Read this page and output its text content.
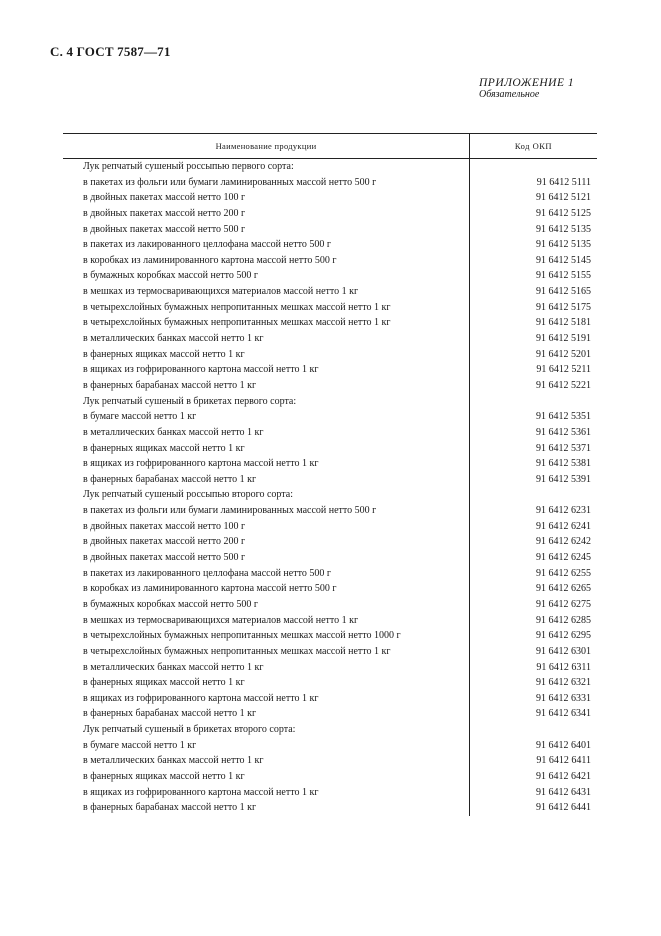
С. 4 ГОСТ 7587—71
ПРИЛОЖЕНИЕ 1
Обязательное
Наименование продукции	Код ОКП
Лук репчатый сушеный россыпью первого сорта:
в пакетах из фольги или бумаги ламинированных массой нетто 500 г	91 6412 5111
в двойных пакетах массой нетто 100 г	91 6412 5121
в двойных пакетах массой нетто 200 г	91 6412 5125
в двойных пакетах массой нетто 500 г	91 6412 5135
в пакетах из лакированного целлофана массой нетто 500 г	91 6412 5135
в коробках из ламинированного картона массой нетто 500 г	91 6412 5145
в бумажных коробках массой нетто 500 г	91 6412 5155
в мешках из термосваривающихся материалов массой нетто 1 кг	91 6412 5165
в четырехслойных бумажных непропитанных мешках массой нетто 1 кг	91 6412 5175
в четырехслойных бумажных непропитанных мешках массой нетто 1 кг	91 6412 5181
в металлических банках массой нетто 1 кг	91 6412 5191
в фанерных ящиках массой нетто 1 кг	91 6412 5201
в ящиках из гофрированного картона массой нетто 1 кг	91 6412 5211
в фанерных барабанах массой нетто 1 кг	91 6412 5221
Лук репчатый сушеный в брикетах первого сорта:
в бумаге массой нетто 1 кг	91 6412 5351
в металлических банках массой нетто 1 кг	91 6412 5361
в фанерных ящиках массой нетто 1 кг	91 6412 5371
в ящиках из гофрированного картона массой нетто 1 кг	91 6412 5381
в фанерных барабанах массой нетто 1 кг	91 6412 5391
Лук репчатый сушеный россыпью второго сорта:
в пакетах из фольги или бумаги ламинированных массой нетто 500 г	91 6412 6231
в двойных пакетах массой нетто 100 г	91 6412 6241
в двойных пакетах массой нетто 200 г	91 6412 6242
в двойных пакетах массой нетто 500 г	91 6412 6245
в пакетах из лакированного целлофана массой нетто 500 г	91 6412 6255
в коробках из ламинированного картона массой нетто 500 г	91 6412 6265
в бумажных коробках массой нетто 500 г	91 6412 6275
в мешках из термосваривающихся материалов массой нетто 1 кг	91 6412 6285
в четырехслойных бумажных непропитанных мешках массой нетто 1000 г	91 6412 6295
в четырехслойных бумажных непропитанных мешках массой нетто 1 кг	91 6412 6301
в металлических банках массой нетто 1 кг	91 6412 6311
в фанерных ящиках массой нетто 1 кг	91 6412 6321
в ящиках из гофрированного картона массой нетто 1 кг	91 6412 6331
в фанерных барабанах массой нетто 1 кг	91 6412 6341
Лук репчатый сушеный в брикетах второго сорта:
в бумаге массой нетто 1 кг	91 6412 6401
в металлических банках массой нетто 1 кг	91 6412 6411
в фанерных ящиках массой нетто 1 кг	91 6412 6421
в ящиках из гофрированного картона массой нетто 1 кг	91 6412 6431
в фанерных барабанах массой нетто 1 кг	91 6412 6441
